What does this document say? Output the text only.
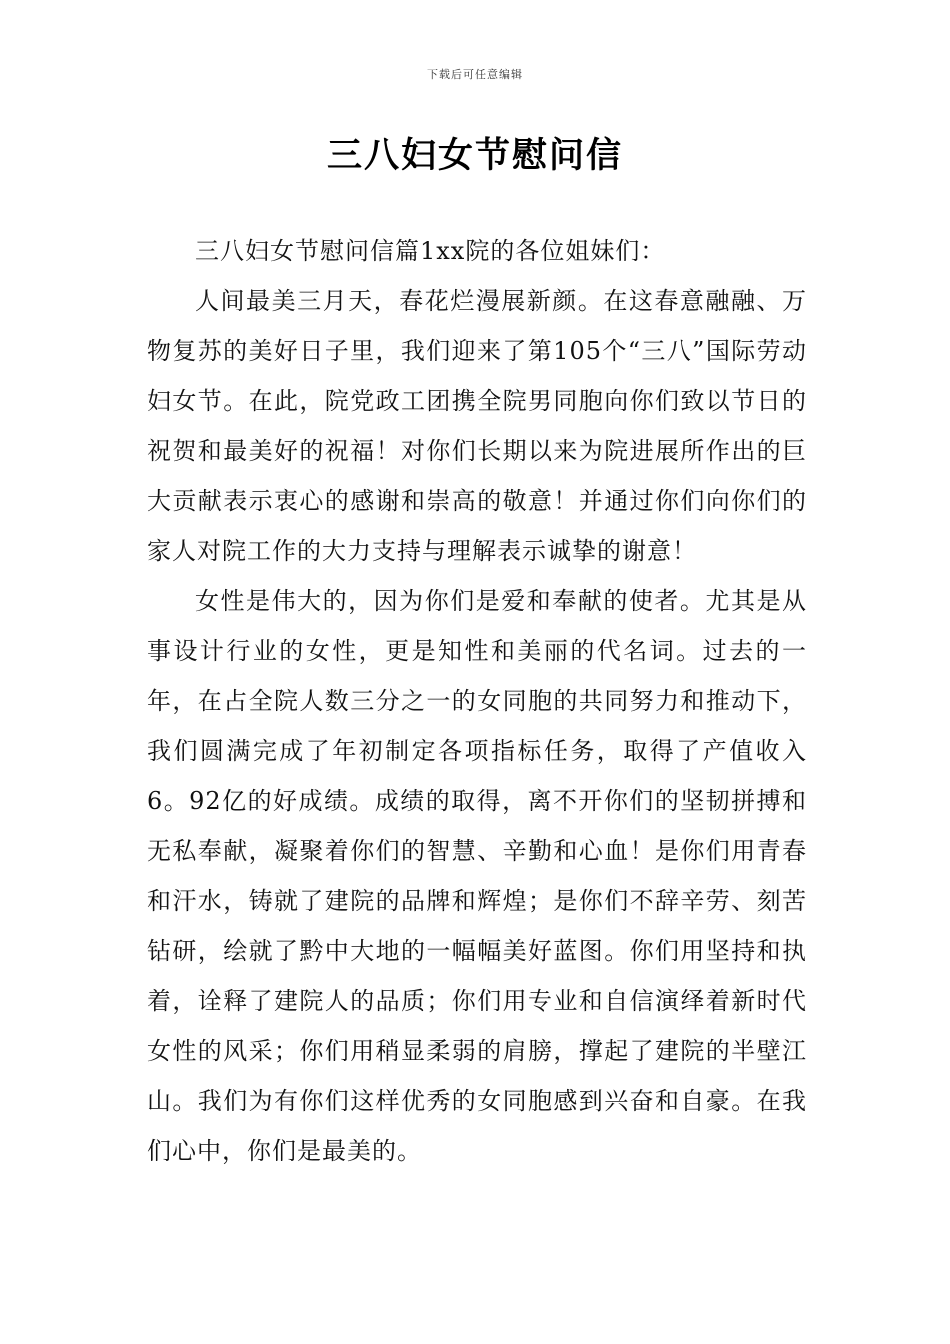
下载后可任意编辑
三八妇女节慰问信

三八妇女节慰问信篇1xx院的各位姐妹们：

人间最美三月天，春花烂漫展新颜。在这春意融融、万物复苏的美好日子里，我们迎来了第105个“三八”国际劳动妇女节。在此，院党政工团携全院男同胞向你们致以节日的祝贺和最美好的祝福！对你们长期以来为院进展所作出的巨大贡献表示衷心的感谢和崇高的敬意！并通过你们向你们的家人对院工作的大力支持与理解表示诚挚的谢意！

女性是伟大的，因为你们是爱和奉献的使者。尤其是从事设计行业的女性，更是知性和美丽的代名词。过去的一年，在占全院人数三分之一的女同胞的共同努力和推动下，我们圆满完成了年初制定各项指标任务，取得了产值收入6。92亿的好成绩。成绩的取得，离不开你们的坚韧拼搏和无私奉献，凝聚着你们的智慧、辛勤和心血！是你们用青春和汗水，铸就了建院的品牌和辉煌；是你们不辞辛劳、刻苦钻研，绘就了黔中大地的一幅幅美好蓝图。你们用坚持和执着，诠释了建院人的品质；你们用专业和自信演绎着新时代女性的风采；你们用稍显柔弱的肩膀，撑起了建院的半壁江山。我们为有你们这样优秀的女同胞感到兴奋和自豪。在我们心中，你们是最美的。
